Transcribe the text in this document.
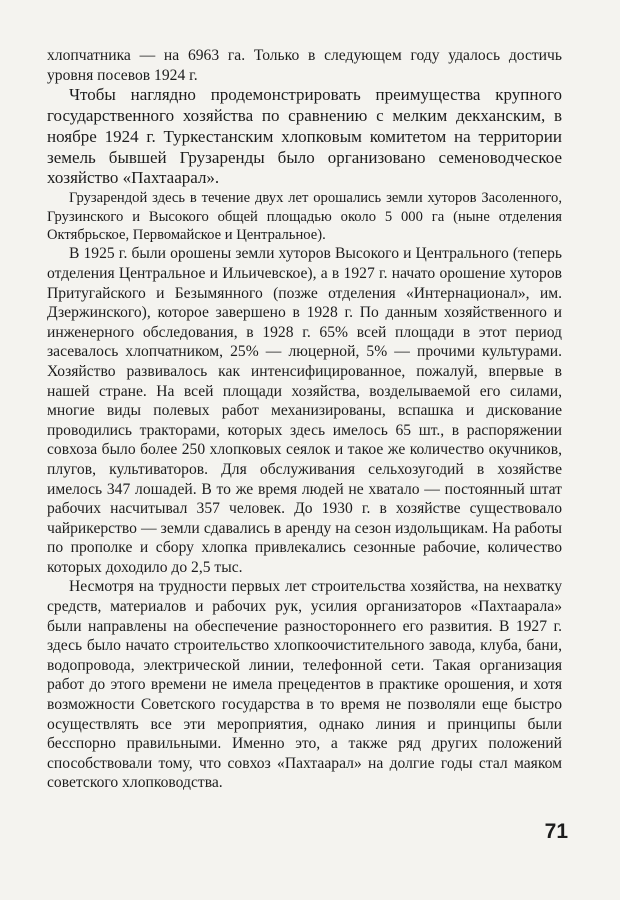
хлопчатника — на 6963 га. Только в следующем году удалось достичь уровня посевов 1924 г.

Чтобы наглядно продемонстрировать преимущества крупного государственного хозяйства по сравнению с мелким декханским, в ноябре 1924 г. Туркестанским хлопковым комитетом на территории земель бывшей Грузаренды было организовано семеноводческое хозяйство «Пахтаарал».

Грузарендой здесь в течение двух лет орошались земли хуторов Засоленного, Грузинского и Высокого общей площадью около 5 000 га (ныне отделения Октябрьское, Первомайское и Центральное).

В 1925 г. были орошены земли хуторов Высокого и Центрального (теперь отделения Центральное и Ильичевское), а в 1927 г. начато орошение хуторов Притугайского и Безымянного (позже отделения «Интернационал», им. Дзержинского), которое завершено в 1928 г. По данным хозяйственного и инженерного обследования, в 1928 г. 65% всей площади в этот период засевалось хлопчатником, 25% — люцерной, 5% — прочими культурами. Хозяйство развивалось как интенсифицированное, пожалуй, впервые в нашей стране. На всей площади хозяйства, возделываемой его силами, многие виды полевых работ механизированы, вспашка и дискование проводились тракторами, которых здесь имелось 65 шт., в распоряжении совхоза было более 250 хлопковых сеялок и такое же количество окучников, плугов, культиваторов. Для обслуживания сельхозугодий в хозяйстве имелось 347 лошадей. В то же время людей не хватало — постоянный штат рабочих насчитывал 357 человек. До 1930 г. в хозяйстве существовало чайрикерство — земли сдавались в аренду на сезон издольщикам. На работы по прополке и сбору хлопка привлекались сезонные рабочие, количество которых доходило до 2,5 тыс.

Несмотря на трудности первых лет строительства хозяйства, на нехватку средств, материалов и рабочих рук, усилия организаторов «Пахтаарала» были направлены на обеспечение разностороннего его развития. В 1927 г. здесь было начато строительство хлопкоочистительного завода, клуба, бани, водопровода, электрической линии, телефонной сети. Такая организация работ до этого времени не имела прецедентов в практике орошения, и хотя возможности Советского государства в то время не позволяли еще быстро осуществлять все эти мероприятия, однако линия и принципы были бесспорно правильными. Именно это, а также ряд других положений способствовали тому, что совхоз «Пахтаарал» на долгие годы стал маяком советского хлопководства.

71
